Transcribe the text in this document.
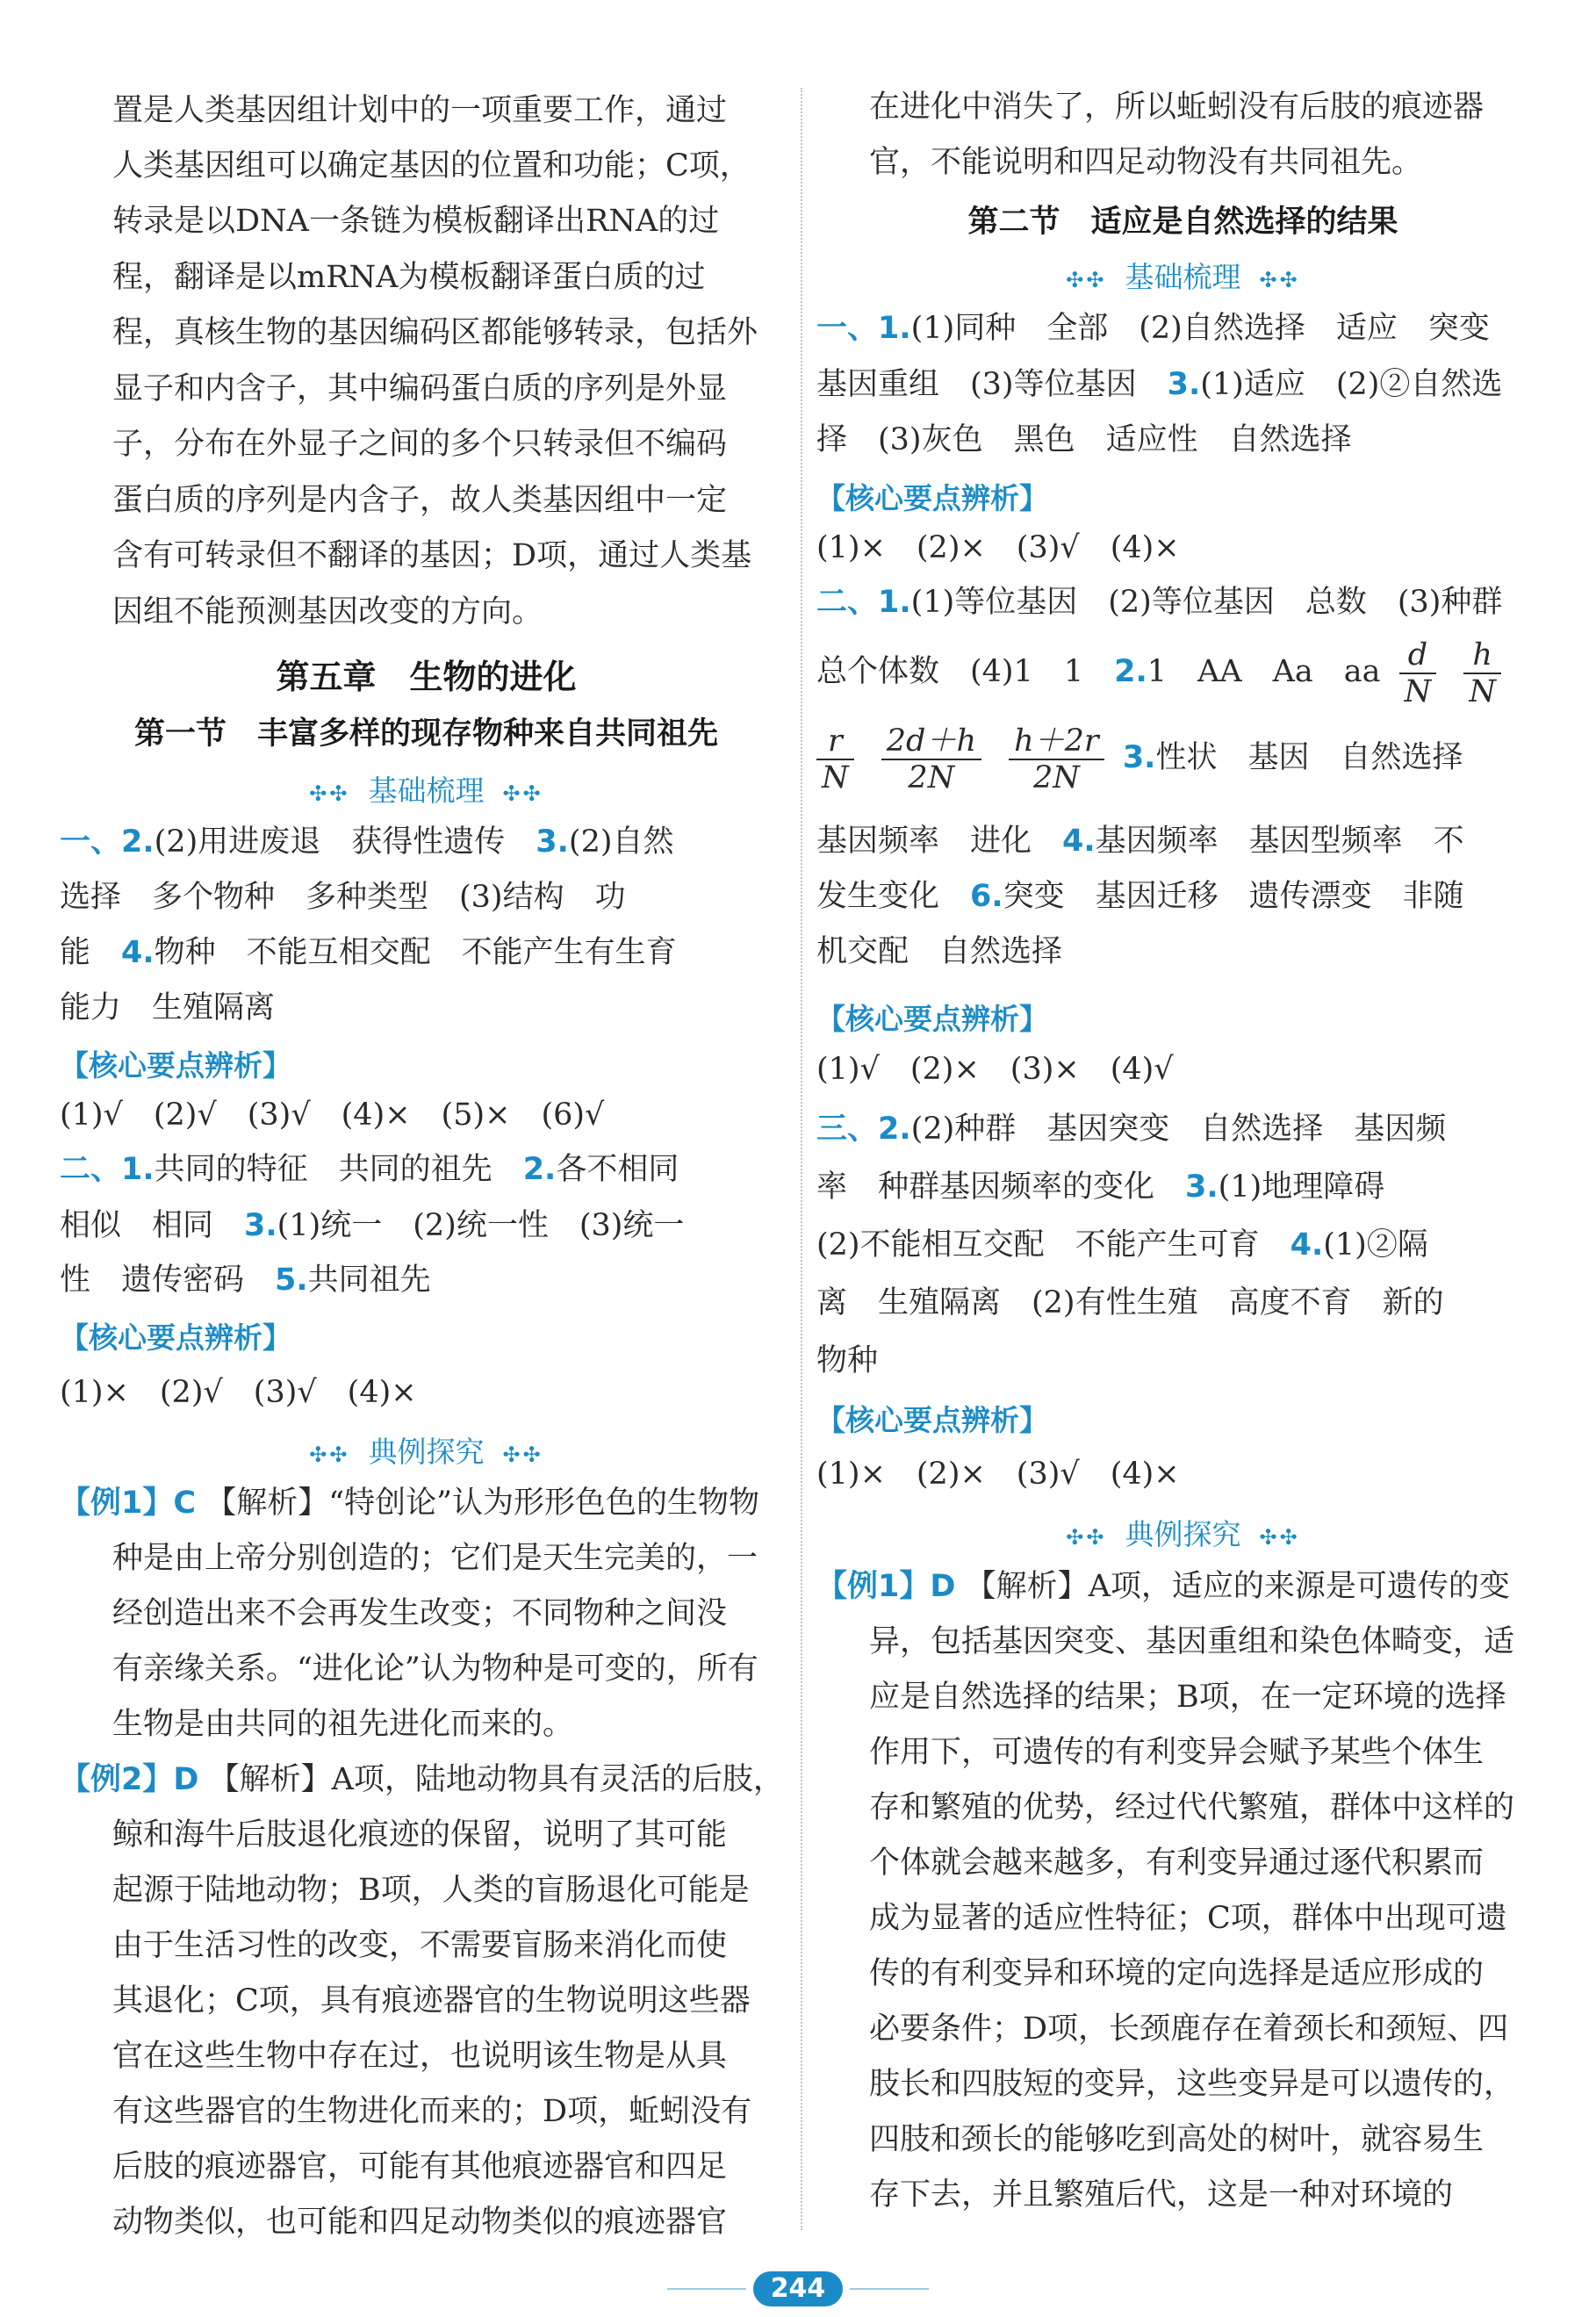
置是人类基因组计划中的一项重要工作，通过
人类基因组可以确定基因的位置和功能；C项，
转录是以DNA一条链为模板翻译出RNA的过
程，翻译是以mRNA为模板翻译蛋白质的过
程，真核生物的基因编码区都能够转录，包括外
显子和内含子，其中编码蛋白质的序列是外显
子，分布在外显子之间的多个只转录但不编码
蛋白质的序列是内含子，故人类基因组中一定
含有可转录但不翻译的基因；D项，通过人类基
因组不能预测基因改变的方向。
第五章　生物的进化
第一节　丰富多样的现存物种来自共同祖先
✣✣ 基础梳理 ✣✣
一、2.(2)用进废退　获得性遗传　3.(2)自然
选择　多个物种　多种类型　(3)结构　功
能　4.物种　不能互相交配　不能产生有生育
能力　生殖隔离
【核心要点辨析】
(1)√　(2)√　(3)√　(4)×　(5)×　(6)√
二、1.共同的特征　共同的祖先　2.各不相同
相似　相同　3.(1)统一　(2)统一性　(3)统一
性　遗传密码　5.共同祖先
【核心要点辨析】
(1)×　(2)√　(3)√　(4)×
✣✣ 典例探究 ✣✣
【例1】C 【解析】“特创论”认为形形色色的生物物
种是由上帝分别创造的；它们是天生完美的，一
经创造出来不会再发生改变；不同物种之间没
有亲缘关系。“进化论”认为物种是可变的，所有
生物是由共同的祖先进化而来的。
【例2】D 【解析】A项，陆地动物具有灵活的后肢，
鲸和海牛后肢退化痕迹的保留，说明了其可能
起源于陆地动物；B项，人类的盲肠退化可能是
由于生活习性的改变，不需要盲肠来消化而使
其退化；C项，具有痕迹器官的生物说明这些器
官在这些生物中存在过，也说明该生物是从具
有这些器官的生物进化而来的；D项，蚯蚓没有
后肢的痕迹器官，可能有其他痕迹器官和四足
动物类似，也可能和四足动物类似的痕迹器官
在进化中消失了，所以蚯蚓没有后肢的痕迹器
官，不能说明和四足动物没有共同祖先。
第二节　适应是自然选择的结果
✣✣ 基础梳理 ✣✣
一、1.(1)同种　全部　(2)自然选择　适应　突变
基因重组　(3)等位基因　3.(1)适应　(2)②自然选
择　(3)灰色　黑色　适应性　自然选择
【核心要点辨析】
(1)×　(2)×　(3)√　(4)×
二、1.(1)等位基因　(2)等位基因　总数　(3)种群
总个体数　(4)1　1　2.1　AA　Aa　aa $\frac{d}{N}$
$\frac{h}{N}$
$\frac{r}{N}$
$\frac{2d+h}{2N}$
$\frac{h+2r}{2N} 3$.性状　基因　自然选择
基因频率　进化　4.基因频率　基因型频率　不
发生变化　6.突变　基因迁移　遗传漂变　非随
机交配　自然选择
【核心要点辨析】
(1)√　(2)×　(3)×　(4)√
三、2.(2)种群　基因突变　自然选择　基因频
率　种群基因频率的变化　3.(1)地理障碍
(2)不能相互交配　不能产生可育　4.(1)②隔
离　生殖隔离　(2)有性生殖　高度不育　新的
物种
【核心要点辨析】
(1)×　(2)×　(3)√　(4)×
✣✣ 典例探究 ✣✣
【例1】D 【解析】A项，适应的来源是可遗传的变
异，包括基因突变、基因重组和染色体畸变，适
应是自然选择的结果；B项，在一定环境的选择
作用下，可遗传的有利变异会赋予某些个体生
存和繁殖的优势，经过代代繁殖，群体中这样的
个体就会越来越多，有利变异通过逐代积累而
成为显著的适应性特征；C项，群体中出现可遗
传的有利变异和环境的定向选择是适应形成的
必要条件；D项，长颈鹿存在着颈长和颈短、四
肢长和四肢短的变异，这些变异是可以遗传的，
四肢和颈长的能够吃到高处的树叶，就容易生
存下去，并且繁殖后代，这是一种对环境的
244
